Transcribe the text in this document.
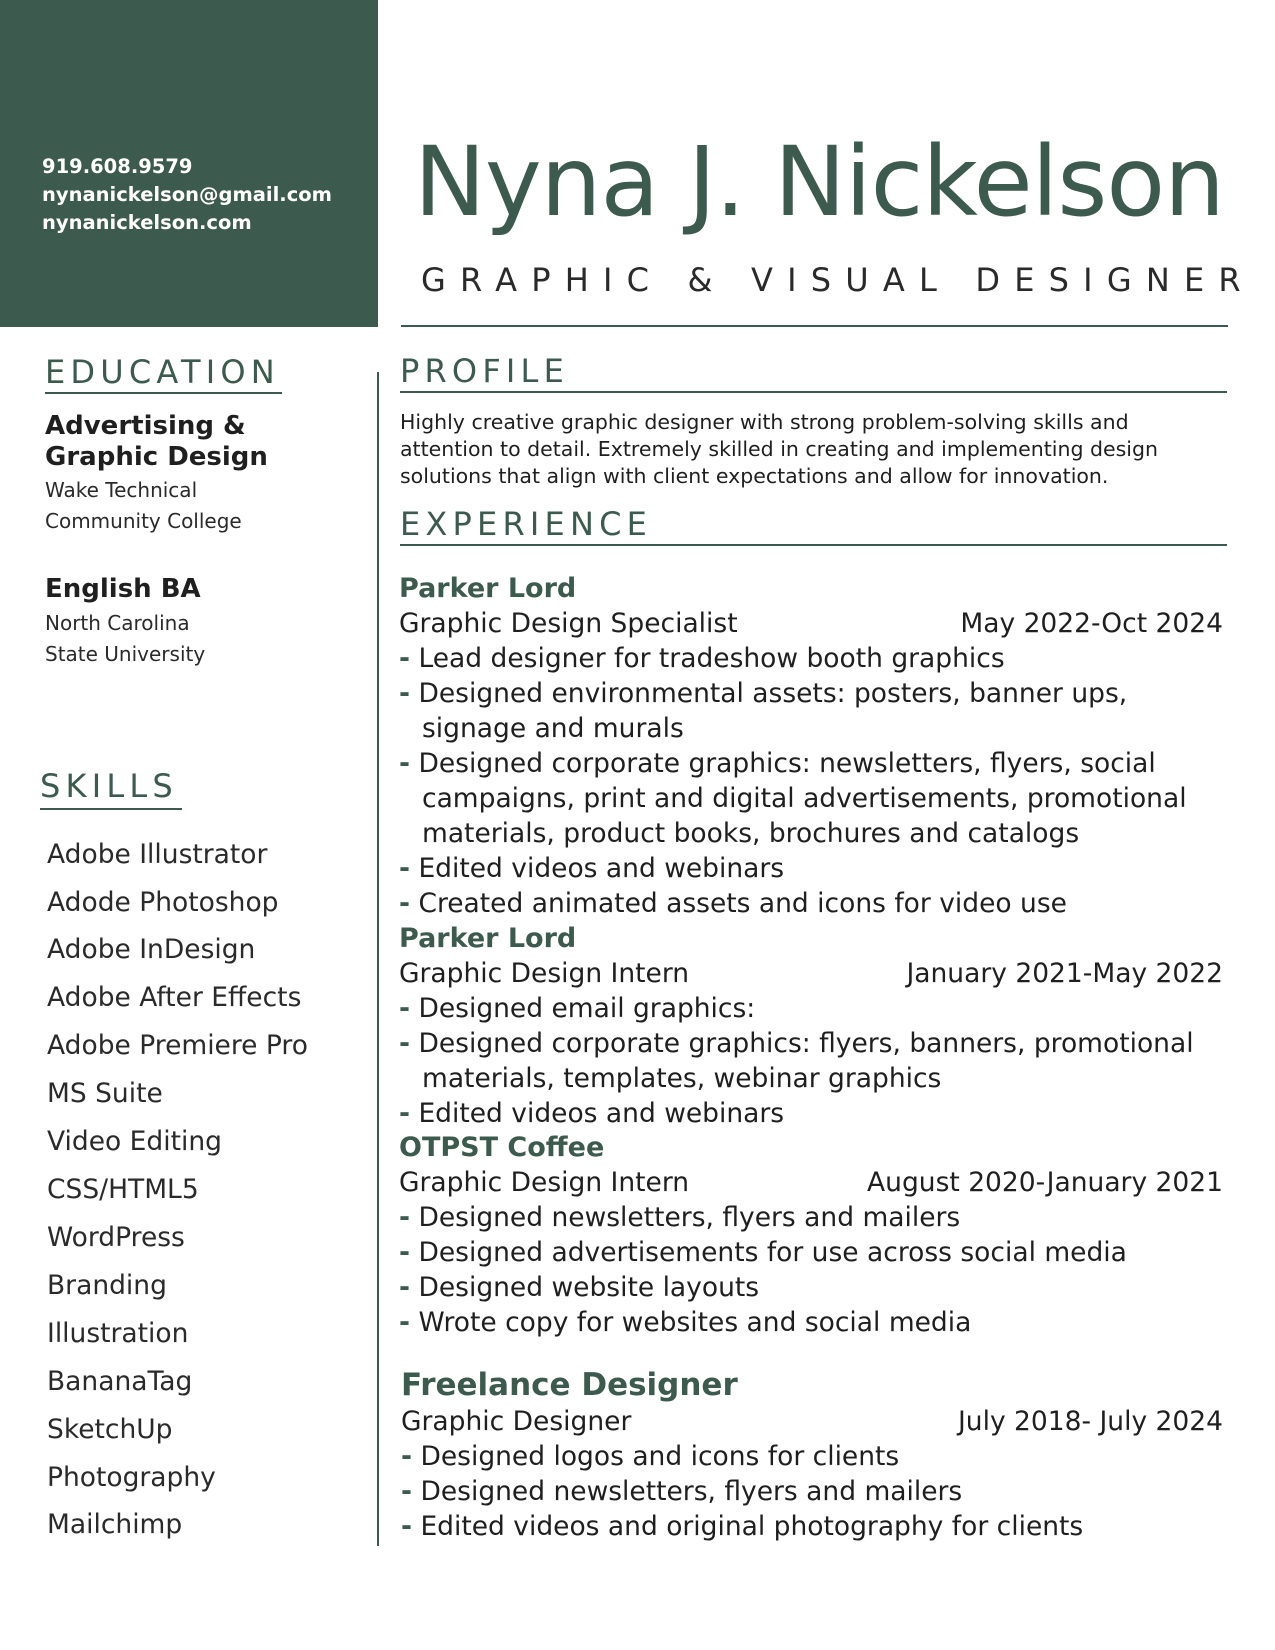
919.608.9579
nynanickelson@gmail.com
nynanickelson.com Nyna J. Nickelson
GRAPHIC & VISUAL DESIGNER
EDUCATION
Advertising &
Graphic Design
Wake Technical
Community College
English BA
North Carolina
State University
SKILLS
Adobe Illustrator
Adode Photoshop
Adobe InDesign
Adobe After Effects
Adobe Premiere Pro
MS Suite
Video Editing
CSS/HTML5
WordPress
Branding
Illustration
BananaTag
SketchUp
Photography
Mailchimp
PROFILE
Highly creative graphic designer with strong problem-solving skills and
attention to detail. Extremely skilled in creating and implementing design
solutions that align with client expectations and allow for innovation.
EXPERIENCE
Parker Lord
Graphic Design Specialist	May 2022-Oct 2024
- Lead designer for tradeshow booth graphics
- Designed environmental assets: posters, banner ups,
signage and murals
- Designed corporate graphics: newsletters, flyers, social
campaigns, print and digital advertisements, promotional
materials, product books, brochures and catalogs
- Edited videos and webinars
- Created animated assets and icons for video use
Parker Lord
Graphic Design Intern	January 2021-May 2022
- Designed email graphics:
- Designed corporate graphics: flyers, banners, promotional
materials, templates, webinar graphics
- Edited videos and webinars
OTPST Coffee
Graphic Design Intern	August 2020-January 2021
- Designed newsletters, flyers and mailers
- Designed advertisements for use across social media
- Designed website layouts
- Wrote copy for websites and social media
Freelance Designer
Graphic Designer	July 2018- July 2024
- Designed logos and icons for clients
- Designed newsletters, flyers and mailers
- Edited videos and original photography for clients
